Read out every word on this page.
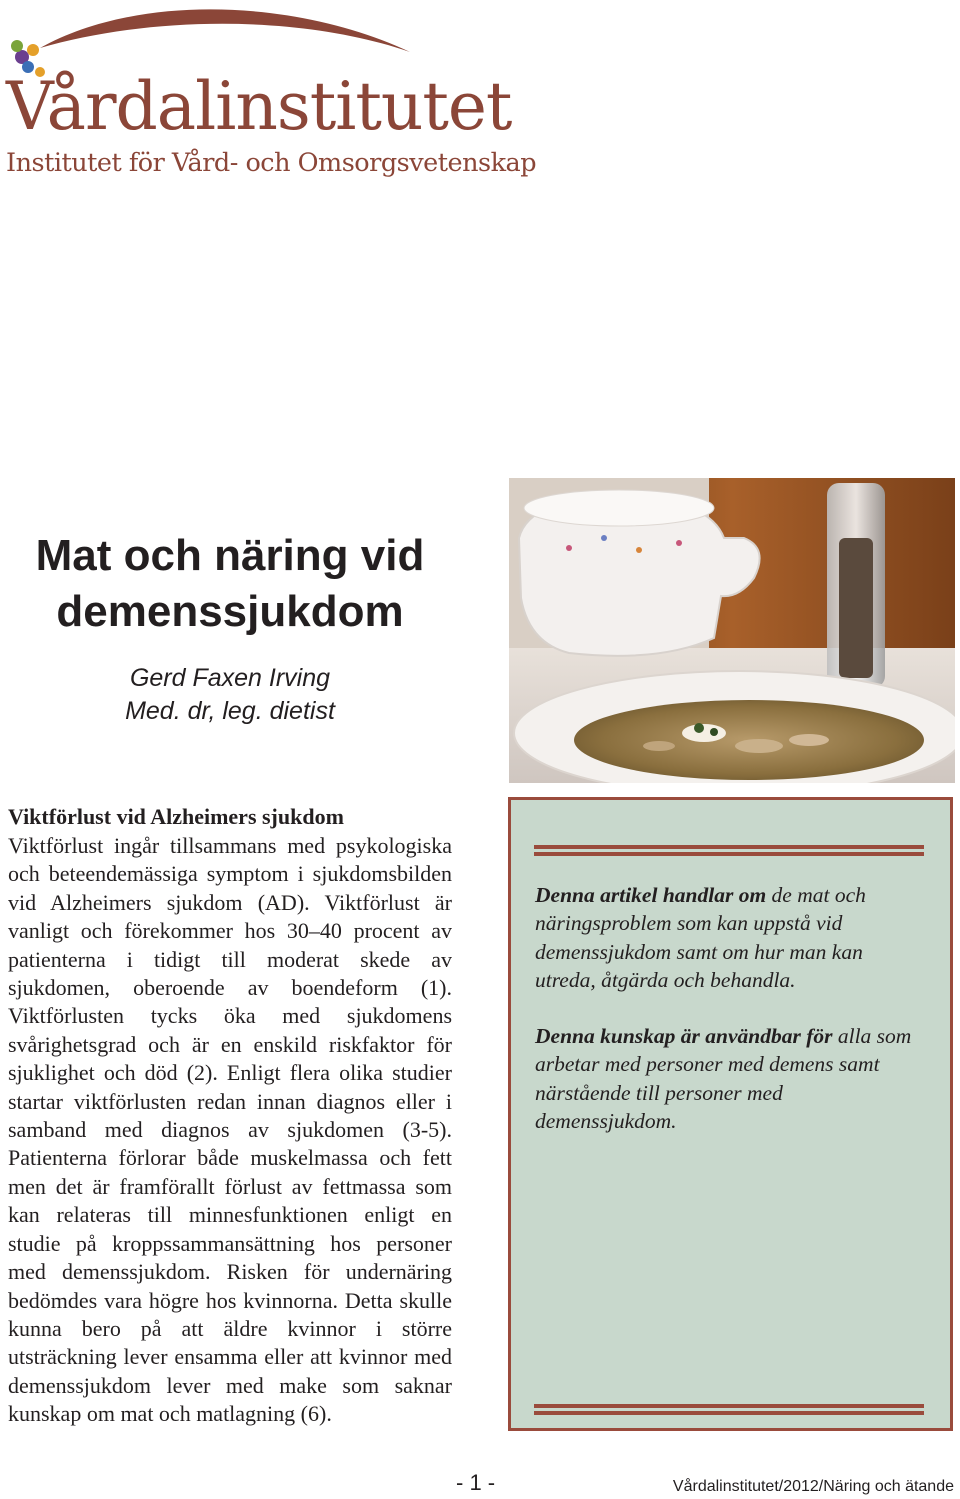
Vårdalinstitutet

Institutet för Vård- och Omsorgsvetenskap

Mat och näring vid
demenssjukdom
Gerd Faxen Irving
Med. dr, leg. dietist
Viktförlust vid Alzheimers sjukdom

Viktförlust ingår tillsammans med psykologiska och beteendemässiga symptom i sjukdomsbilden vid Alzheimers sjukdom (AD). Viktförlust är vanligt och förekommer hos 30–40 procent av patienterna i tidigt till moderat skede av sjukdomen, oberoende av boendeform (1). Viktförlusten tycks öka med sjukdomens svårighetsgrad och är en enskild riskfaktor för sjuklighet och död (2). Enligt flera olika studier startar viktförlusten redan innan diagnos eller i samband med diagnos av sjukdomen (3-5). Patienterna förlorar både muskelmassa och fett men det är framförallt förlust av fettmassa som kan relateras till minnesfunktionen enligt en studie på kroppssammansättning hos personer med demenssjukdom. Risken för undernäring bedömdes vara högre hos kvinnorna. Detta skulle kunna bero på att äldre kvinnor i större utsträckning lever ensamma eller att kvinnor med demenssjukdom lever med make som saknar kunskap om mat och matlagning (6).

Denna artikel handlar om de mat och näringsproblem som kan uppstå vid demenssjukdom samt om hur man kan utreda, åtgärda och behandla.

Denna kunskap är användbar för alla som arbetar med personer med demens samt närstående till personer med demenssjukdom.

- 1 -	Vårdalinstitutet/2012/Näring och ätande
